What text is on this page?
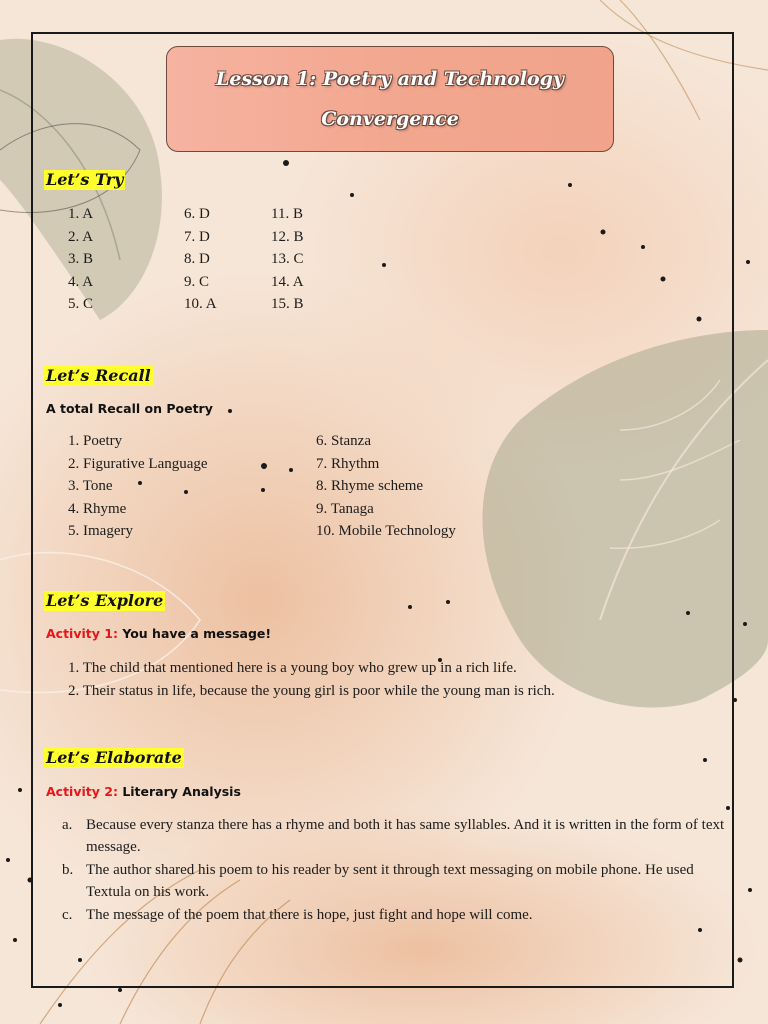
Lesson 1: Poetry and Technology
Convergence
Let’s Try
1. A
2. A
3. B
4. A
5. C
6. D
7. D
8. D
9. C
10. A
11. B
12. B
13. C
14. A
15. B
Let’s Recall
A total Recall on Poetry
1. Poetry
2. Figurative Language
3. Tone
4. Rhyme
5. Imagery
6. Stanza
7. Rhythm
8. Rhyme scheme
9. Tanaga
10. Mobile Technology
Let’s Explore
Activity 1: You have a message!
1. The child that mentioned here is a young boy who grew up in a rich life.
2. Their status in life, because the young girl is poor while the young man is rich.
Let’s Elaborate
Activity 2: Literary Analysis
a. Because every stanza there has a rhyme and both it has same syllables. And it is written in the form of text message.
b. The author shared his poem to his reader by sent it through text messaging on mobile phone. He used Textula on his work.
c. The message of the poem that there is hope, just fight and hope will come.
